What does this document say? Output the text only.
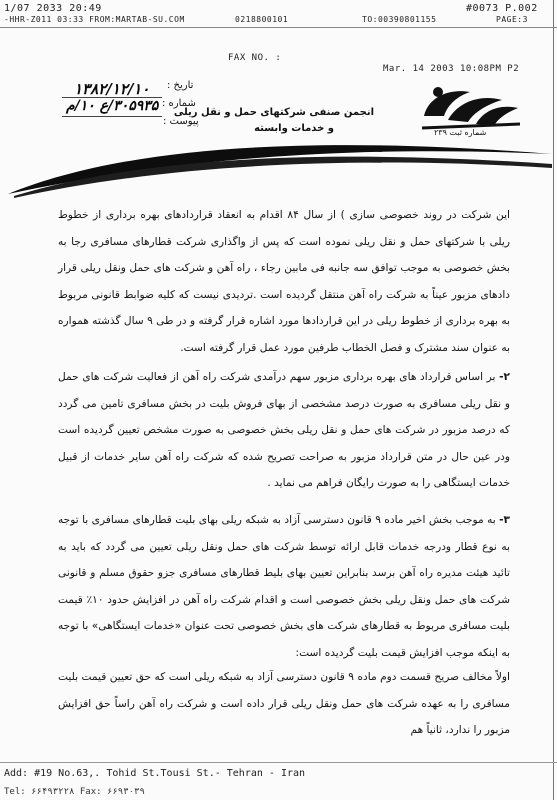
1/07 2033 20:49	#0073 P.002
-HHR-Z011 03:33 FROM:MARTAB-SU.COM	0218800101	TO:00390801155	PAGE:3
FAX NO. :
Mar. 14 2003 10:08PM P2
انجمن صنفی شرکتهای حمل و نقل ریلی
و خدمات وابسته	شماره ثبت ۲۳۹
تاریخ :
شماره :
پیوست :
۱۳۸۲/۱۲/۱۰
۳۰۵۹۳۵/ع ۱۰/م
این شرکت در روند خصوصی سازی ) از سال ۸۴ اقدام به انعقاد قراردادهای بهره برداری از خطوط ریلی با شرکتهای حمل و نقل ریلی نموده است که پس از واگذاری شرکت قطارهای مسافری رجا به بخش خصوصی به موجب توافق سه جانبه فی مابین رجاء ، راه آهن و شرکت های حمل ونقل ریلی قرار دادهای مزبور عیناً به شرکت راه آهن منتقل گردیده است .تردیدی نیست که کلیه ضوابط قانونی مربوط به بهره برداری از خطوط ریلی در این قراردادها مورد اشاره قرار گرفته و در طی ۹ سال گذشته همواره به عنوان سند مشترک و فصل الخطاب طرفین مورد عمل قرار گرفته است.
۲- بر اساس قرارداد های بهره برداری مزبور سهم درآمدی شرکت راه آهن از فعالیت شرکت های حمل و نقل ریلی مسافری به صورت درصد مشخصی از بهای فروش بلیت در بخش مسافری تامین می گردد که درصد مزبور در شرکت های حمل و نقل ریلی بخش خصوصی به صورت مشخص تعیین گردیده است ودر عین حال در متن قرارداد مزبور به صراحت تصریح شده که شرکت راه آهن سایر خدمات از قبیل خدمات ایستگاهی را به صورت رایگان فراهم می نماید .
۳- به موجب بخش اخیر ماده ۹ قانون دسترسی آزاد به شبکه ریلی بهای بلیت قطارهای مسافری با توجه به نوع قطار ودرجه خدمات قابل ارائه توسط شرکت های حمل ونقل ریلی تعیین می گردد که باید به تائید هیئت مدیره راه آهن برسد بنابراین تعیین بهای بلیط قطارهای مسافری جزو حقوق مسلم و قانونی شرکت های حمل ونقل ریلی بخش خصوصی است و اقدام شرکت راه آهن در افزایش حدود ۱۰٪ قیمت بلیت مسافری مربوط به قطارهای شرکت های بخش خصوصی تحت عنوان «خدمات ایستگاهی» با توجه به اینکه موجب افزایش قیمت بلیت گردیده است:
اولاً مخالف صریح قسمت دوم ماده ۹ قانون دسترسی آزاد به شبکه ریلی است که حق تعیین قیمت بلیت مسافری را به عهده شرکت های حمل ونقل ریلی قرار داده است و شرکت راه آهن راساً حق افزایش مزبور را ندارد، ثانیاً هم
Add: #19 No.63,. Tohid St.Tousi St.- Tehran - Iran
Tel: ۶۶۴۹۳۲۲۸ Fax: ۶۶۹۳۰۳۹
